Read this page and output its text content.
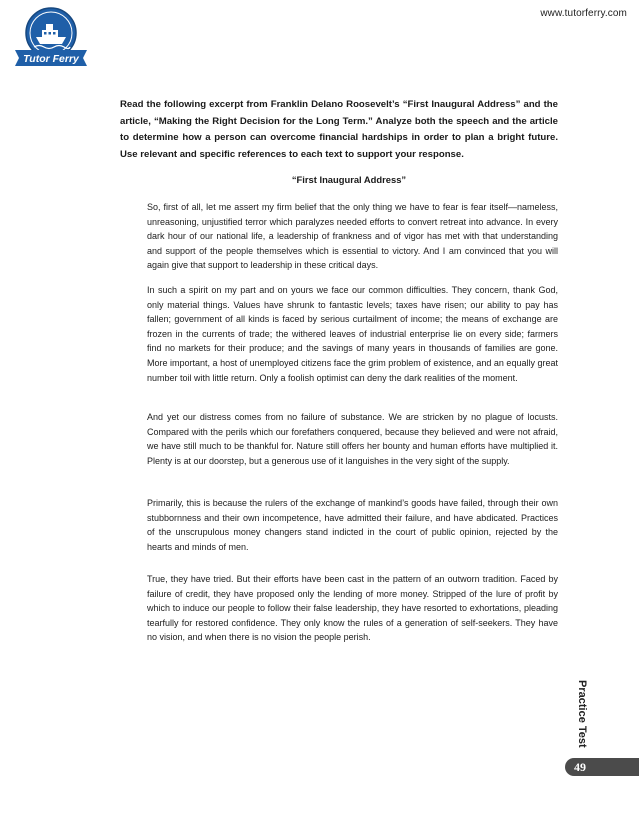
Tutor Ferry
www.tutorferry.com

Read the following excerpt from Franklin Delano Roosevelt’s “First Inaugural Address” and the article, “Making the Right Decision for the Long Term.” Analyze both the speech and the article to determine how a person can overcome financial hardships in order to plan a bright future. Use relevant and specific references to each text to support your response.

“First Inaugural Address”

So, first of all, let me assert my firm belief that the only thing we have to fear is fear itself—nameless, unreasoning, unjustified terror which paralyzes needed efforts to convert retreat into advance. In every dark hour of our national life, a leadership of frankness and of vigor has met with that understanding and support of the people themselves which is essential to victory. And I am convinced that you will again give that support to leadership in these critical days.

In such a spirit on my part and on yours we face our common difficulties. They concern, thank God, only material things. Values have shrunk to fantastic levels; taxes have risen; our ability to pay has fallen; government of all kinds is faced by serious curtailment of income; the means of exchange are frozen in the currents of trade; the withered leaves of industrial enterprise lie on every side; farmers find no markets for their produce; and the savings of many years in thousands of families are gone. More important, a host of unemployed citizens face the grim problem of existence, and an equally great number toil with little return. Only a foolish optimist can deny the dark realities of the moment.

And yet our distress comes from no failure of substance. We are stricken by no plague of locusts. Compared with the perils which our forefathers conquered, because they believed and were not afraid, we have still much to be thankful for. Nature still offers her bounty and human efforts have multiplied it. Plenty is at our doorstep, but a generous use of it languishes in the very sight of the supply.

Primarily, this is because the rulers of the exchange of mankind’s goods have failed, through their own stubbornness and their own incompetence, have admitted their failure, and have abdicated. Practices of the unscrupulous money changers stand indicted in the court of public opinion, rejected by the hearts and minds of men.

True, they have tried. But their efforts have been cast in the pattern of an outworn tradition. Faced by failure of credit, they have proposed only the lending of more money. Stripped of the lure of profit by which to induce our people to follow their false leadership, they have resorted to exhortations, pleading tearfully for restored confidence. They only know the rules of a generation of self-seekers. They have no vision, and when there is no vision the people perish.

Practice Test
49
